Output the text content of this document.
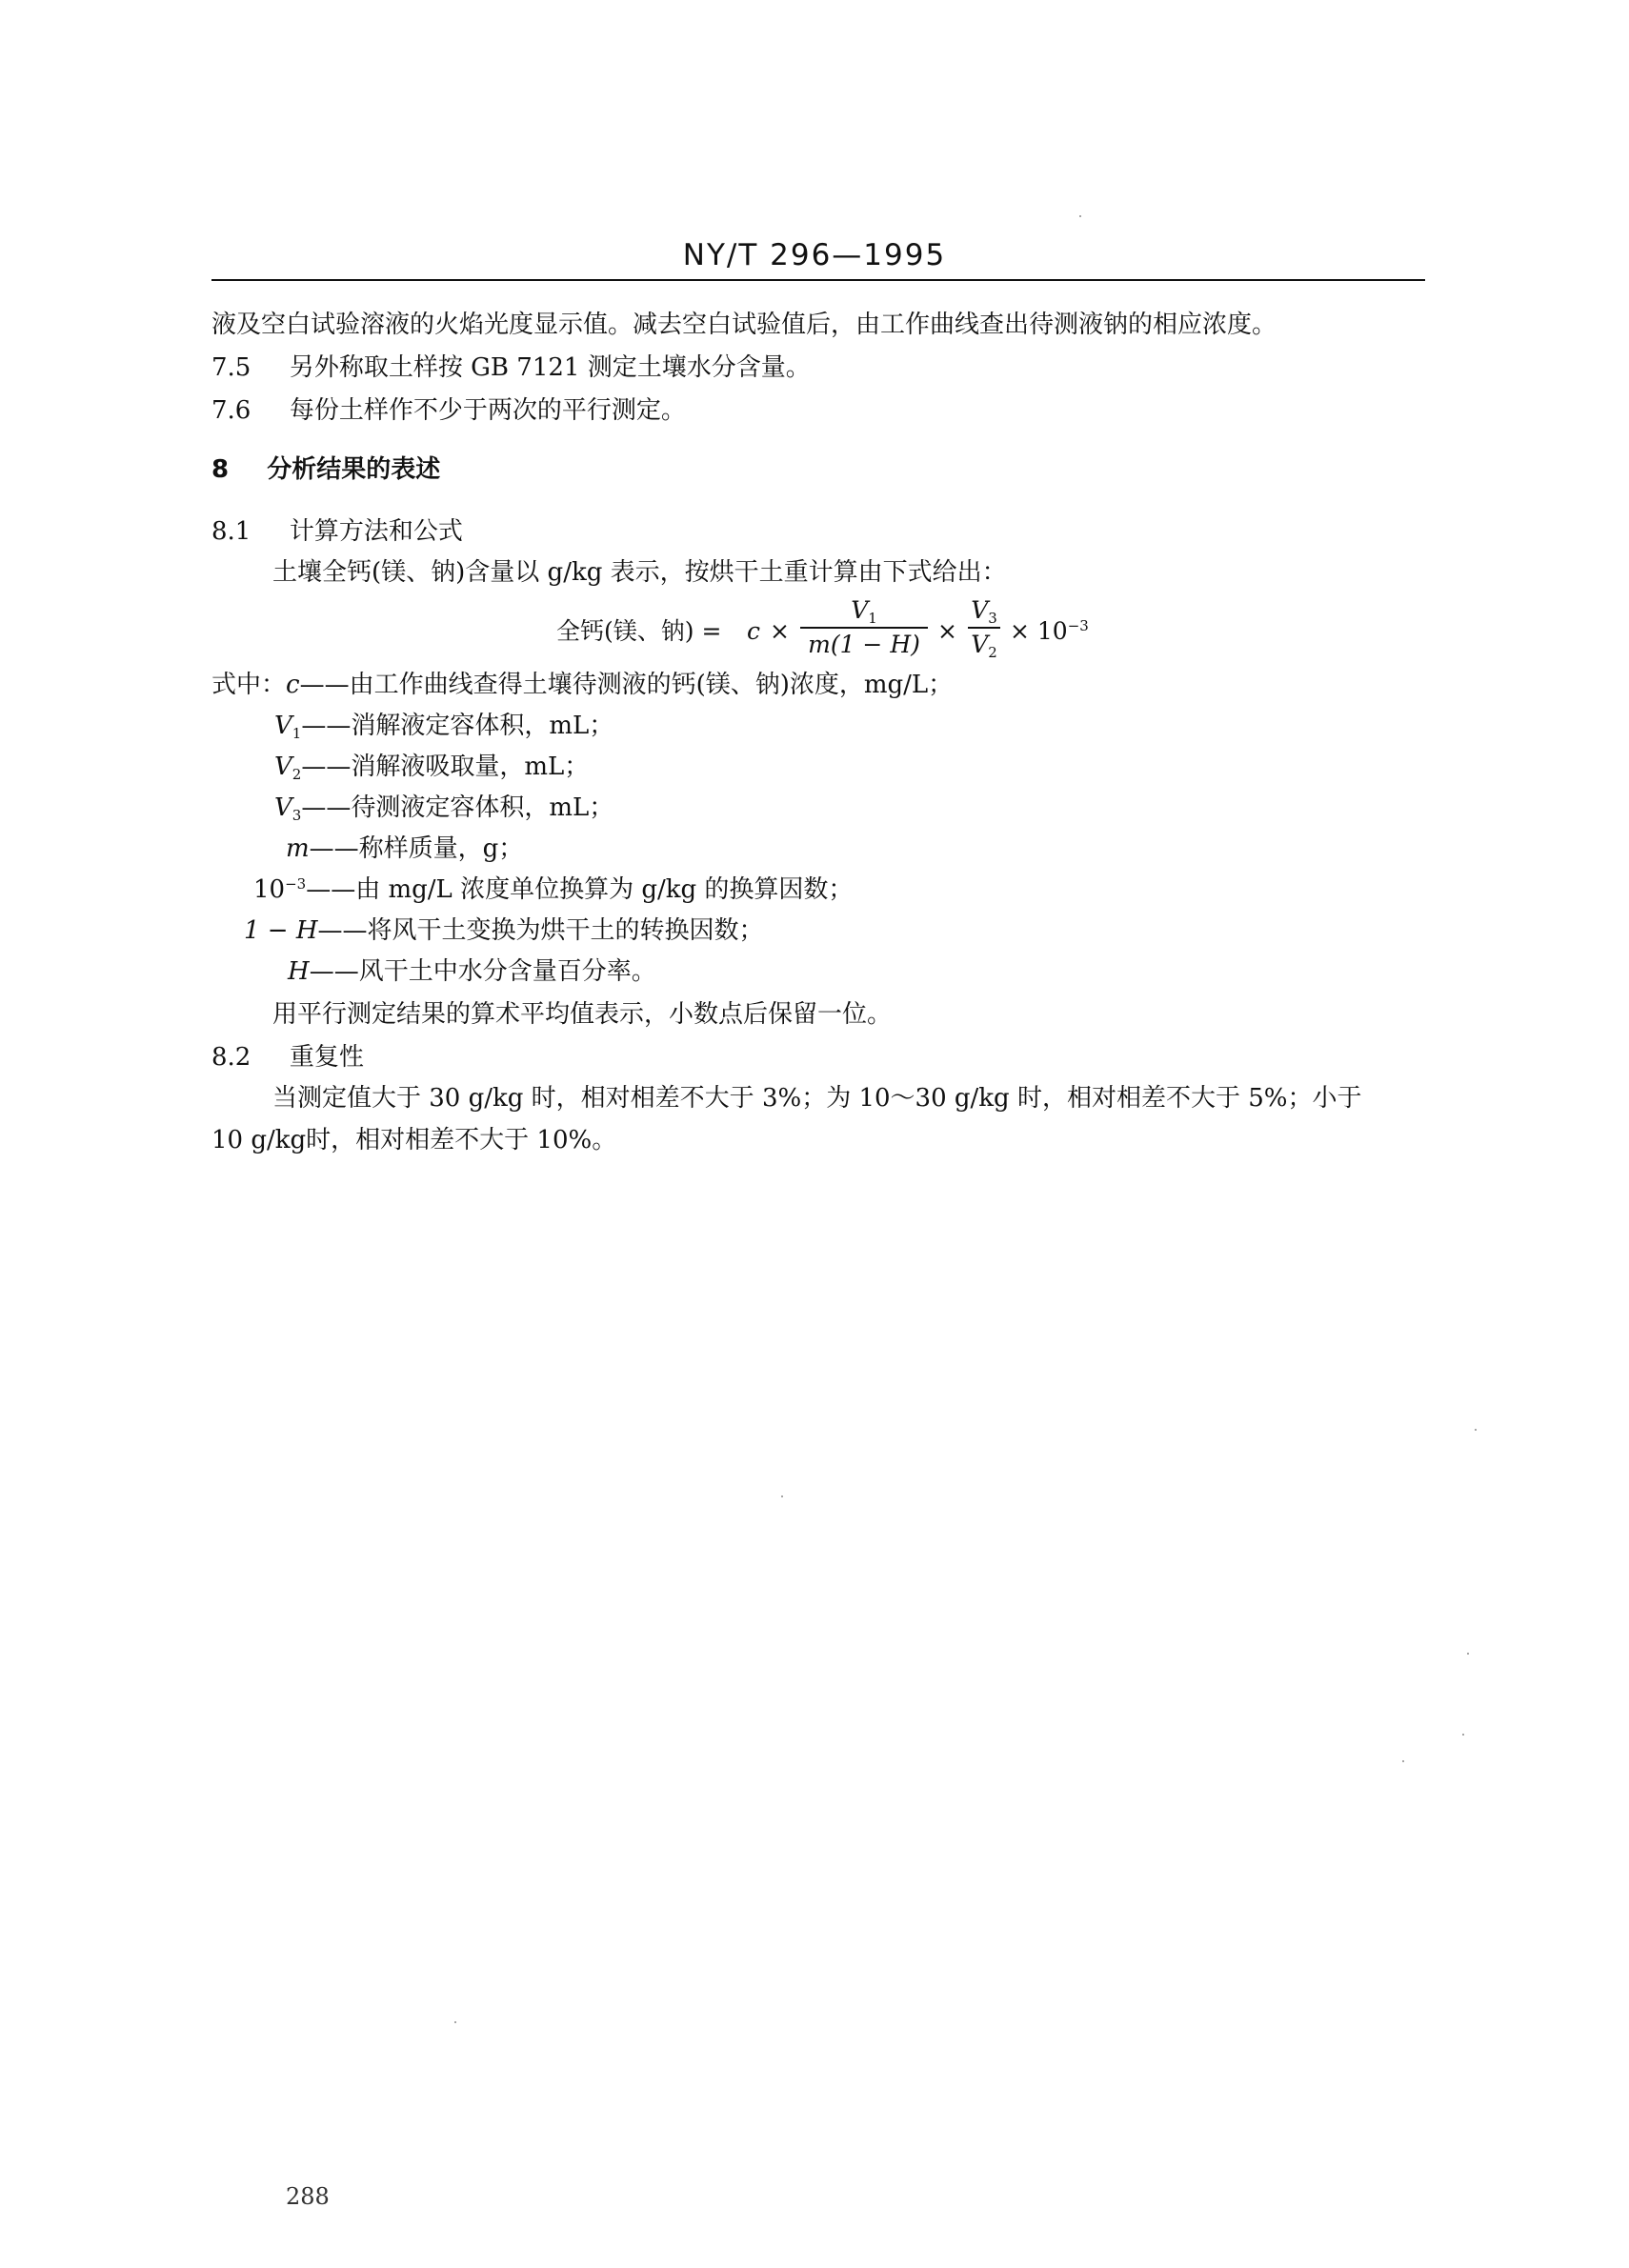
NY/T 296—1995
液及空白试验溶液的火焰光度显示值。减去空白试验值后，由工作曲线查出待测液钠的相应浓度。
7.5 另外称取土样按 GB 7121 测定土壤水分含量。
7.6 每份土样作不少于两次的平行测定。
8 分析结果的表述
8.1 计算方法和公式
土壤全钙(镁、钠)含量以 g/kg 表示，按烘干土重计算由下式给出：
全钙(镁、钠) = c ×
$V_1$
m(1 − H) ×
$V_3$
$V_2$
× $10^{-3}$
式中： c——由工作曲线查得土壤待测液的钙(镁、钠)浓度，mg/L；
$V_1——$消解液定容体积，mL；
$V_2——$消解液吸取量，mL；
$V_3——$待测液定容体积，mL；
m——称样质量，g；
$10^{-3}——$由 mg/L 浓度单位换算为 g/kg 的换算因数；
1 − H——将风干土变换为烘干土的转换因数；
H——风干土中水分含量百分率。
用平行测定结果的算术平均值表示，小数点后保留一位。
8.2 重复性
当测定值大于 30 g/kg 时，相对相差不大于 3%；为 10～30 g/kg 时，相对相差不大于 5%；小于
10 g/kg时，相对相差不大于 10%。
288
